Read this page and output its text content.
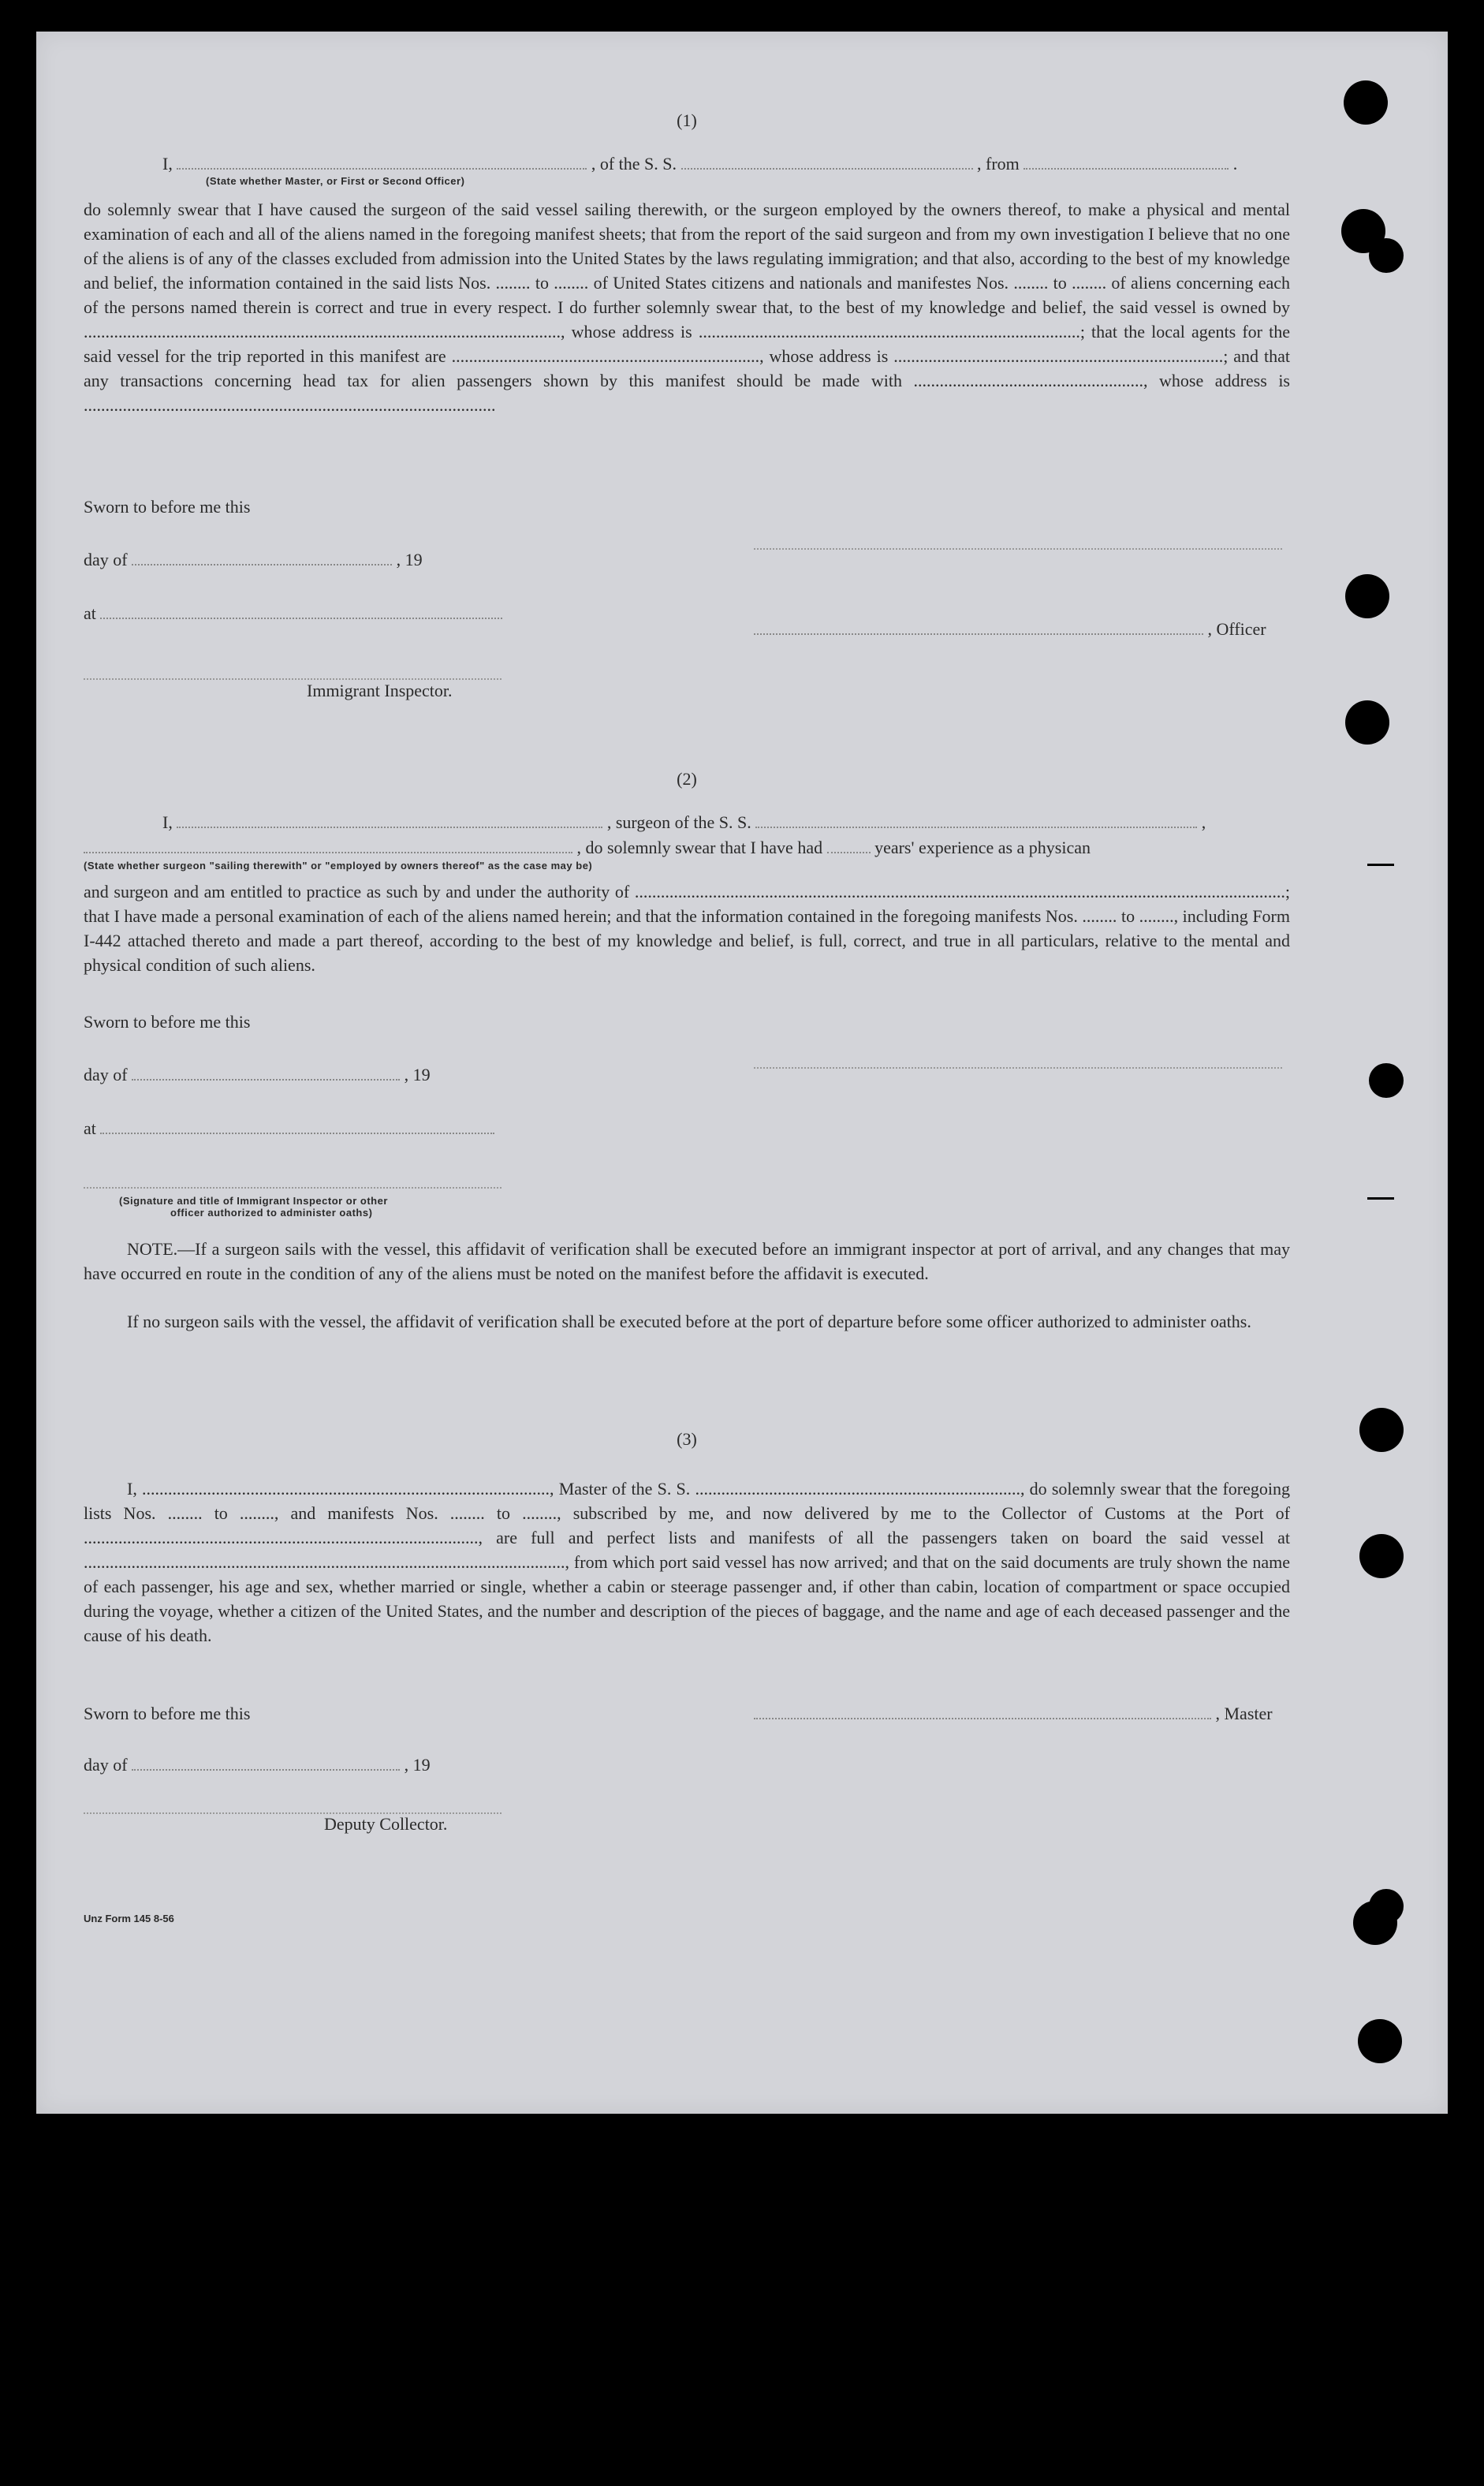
(1)
I,	, of the S. S.	, from	.
(State whether Master, or First or Second Officer)
do solemnly swear that I have caused the surgeon of the said vessel sailing therewith, or the surgeon employed by the owners thereof, to make a physical and mental examination of each and all of the aliens named in the foregoing manifest sheets; that from the report of the said surgeon and from my own investigation I believe that no one of the aliens is of any of the classes excluded from admission into the United States by the laws regulating immigration; and that also, according to the best of my knowledge and belief, the information contained in the said lists Nos. ........ to ........ of United States citizens and nationals and manifestes Nos. ........ to ........ of aliens concerning each of the persons named therein is correct and true in every respect. I do further solemnly swear that, to the best of my knowledge and belief, the said vessel is owned by .............................................................................................................., whose address is ........................................................................................; that the local agents for the said vessel for the trip reported in this manifest are ......................................................................., whose address is ............................................................................; and that any transactions concerning head tax for alien passengers shown by this manifest should be made with ....................................................., whose address is ...............................................................................................
Sworn to before me this
day of	, 19
at
, Officer
Immigrant Inspector.
(2)
I,	, surgeon of the S. S.	,
, do solemnly swear that I have had	years' experience as a physican
(State whether surgeon "sailing therewith" or "employed by owners thereof" as the case may be)
and surgeon and am entitled to practice as such by and under the authority of ......................................................................................................................................................; that I have made a personal examination of each of the aliens named herein; and that the information contained in the foregoing manifests Nos. ........ to ........, including Form I-442 attached thereto and made a part thereof, according to the best of my knowledge and belief, is full, correct, and true in all particulars, relative to the mental and physical condition of such aliens.
Sworn to before me this
day of	, 19
at
(Signature and title of Immigrant Inspector or other
officer authorized to administer oaths)
NOTE.—If a surgeon sails with the vessel, this affidavit of verification shall be executed before an immigrant inspector at port of arrival, and any changes that may have occurred en route in the condition of any of the aliens must be noted on the manifest before the affidavit is executed.
If no surgeon sails with the vessel, the affidavit of verification shall be executed before at the port of departure before some officer authorized to administer oaths.
(3)
I, .............................................................................................., Master of the S. S. ..........................................................................., do solemnly swear that the foregoing lists Nos. ........ to ........, and manifests Nos. ........ to ........, subscribed by me, and now delivered by me to the Collector of Customs at the Port of ..........................................................................................., are full and perfect lists and manifests of all the passengers taken on board the said vessel at ..............................................................................................................., from which port said vessel has now arrived; and that on the said documents are truly shown the name of each passenger, his age and sex, whether married or single, whether a cabin or steerage passenger and, if other than cabin, location of compartment or space occupied during the voyage, whether a citizen of the United States, and the number and description of the pieces of baggage, and the name and age of each deceased passenger and the cause of his death.
Sworn to before me this	, Master
day of	, 19
Deputy Collector.
Unz Form 145 8-56
